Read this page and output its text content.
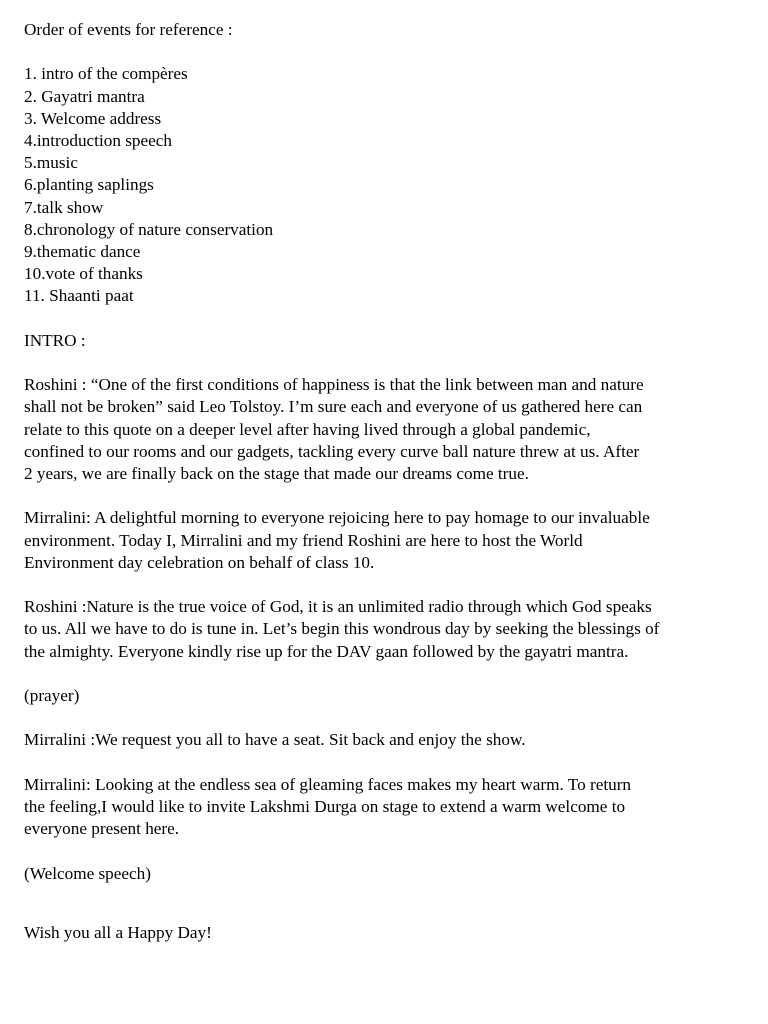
Order of events for reference :
1. intro of the compères
2. Gayatri mantra
3. Welcome address
4.introduction speech
5.music
6.planting saplings
7.talk show
8.chronology of nature conservation
9.thematic dance
10.vote of thanks
11. Shaanti paat
INTRO :
Roshini : “One of the first conditions of happiness is that the link between man and nature
shall not be broken” said Leo Tolstoy. I’m sure each and everyone of us gathered here can
relate to this quote on a deeper level after having lived through a global pandemic,
confined to our rooms and our gadgets, tackling every curve ball nature threw at us. After
2 years, we are finally back on the stage that made our dreams come true.
Mirralini: A delightful morning to everyone rejoicing here to pay homage to our invaluable
environment. Today I, Mirralini and my friend Roshini are here to host the World
Environment day celebration on behalf of class 10.
Roshini :Nature is the true voice of God, it is an unlimited radio through which God speaks
to us. All we have to do is tune in. Let’s begin this wondrous day by seeking the blessings of
the almighty. Everyone kindly rise up for the DAV gaan followed by the gayatri mantra.
(prayer)
Mirralini :We request you all to have a seat. Sit back and enjoy the show.
Mirralini: Looking at the endless sea of gleaming faces makes my heart warm. To return
the feeling,I would like to invite Lakshmi Durga on stage to extend a warm welcome to
everyone present here.
(Welcome speech)
Wish you all a Happy Day!
